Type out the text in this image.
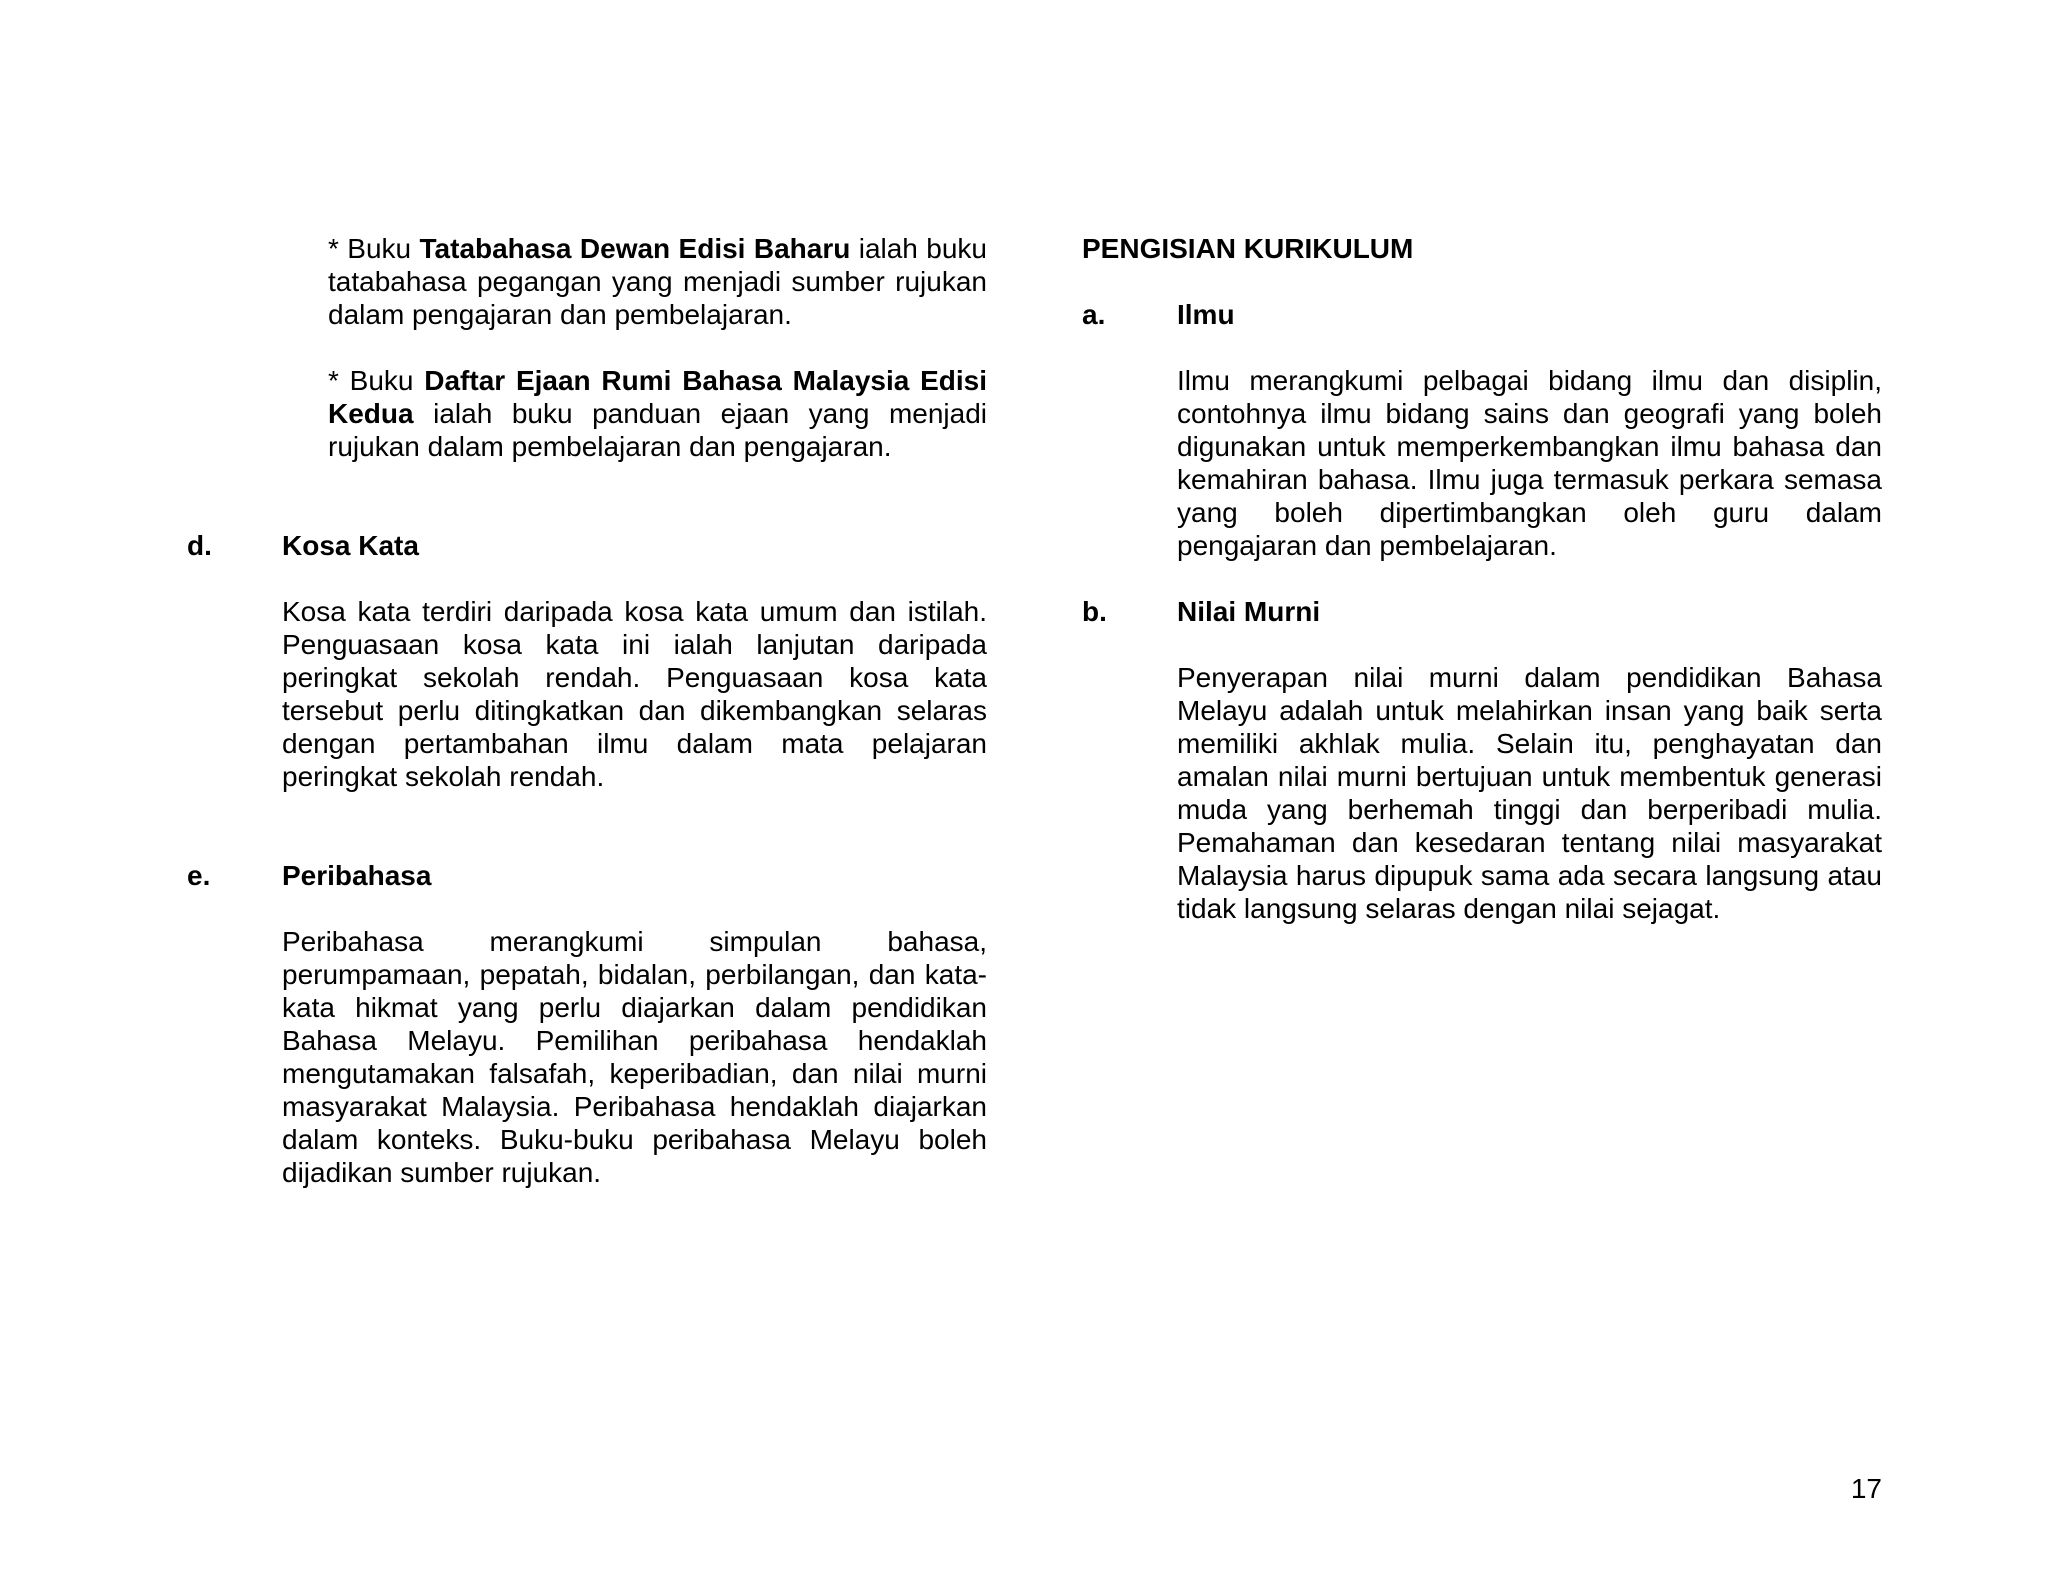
* Buku Tatabahasa Dewan Edisi Baharu ialah buku tatabahasa pegangan yang menjadi sumber rujukan dalam pengajaran dan pembelajaran.

* Buku Daftar Ejaan Rumi Bahasa Malaysia Edisi Kedua ialah buku panduan ejaan yang menjadi rujukan dalam pembelajaran dan pengajaran.

d.	Kosa Kata

Kosa kata terdiri daripada kosa kata umum dan istilah. Penguasaan kosa kata ini ialah lanjutan daripada peringkat sekolah rendah. Penguasaan kosa kata tersebut perlu ditingkatkan dan dikembangkan selaras dengan pertambahan ilmu dalam mata pelajaran peringkat sekolah rendah.

e.	Peribahasa

Peribahasa merangkumi simpulan bahasa, perumpamaan, pepatah, bidalan, perbilangan, dan kata-kata hikmat yang perlu diajarkan dalam pendidikan Bahasa Melayu. Pemilihan peribahasa hendaklah mengutamakan falsafah, keperibadian, dan nilai murni masyarakat Malaysia. Peribahasa hendaklah diajarkan dalam konteks. Buku-buku peribahasa Melayu boleh dijadikan sumber rujukan.

PENGISIAN KURIKULUM

a.	Ilmu

Ilmu merangkumi pelbagai bidang ilmu dan disiplin, contohnya ilmu bidang sains dan geografi yang boleh digunakan untuk memperkembangkan ilmu bahasa dan kemahiran bahasa. Ilmu juga termasuk perkara semasa yang boleh dipertimbangkan oleh guru dalam pengajaran dan pembelajaran.

b.	Nilai Murni

Penyerapan nilai murni dalam pendidikan Bahasa Melayu adalah untuk melahirkan insan yang baik serta memiliki akhlak mulia. Selain itu, penghayatan dan amalan nilai murni bertujuan untuk membentuk generasi muda yang berhemah tinggi dan berperibadi mulia. Pemahaman dan kesedaran tentang nilai masyarakat Malaysia harus dipupuk sama ada secara langsung atau tidak langsung selaras dengan nilai sejagat.

17
